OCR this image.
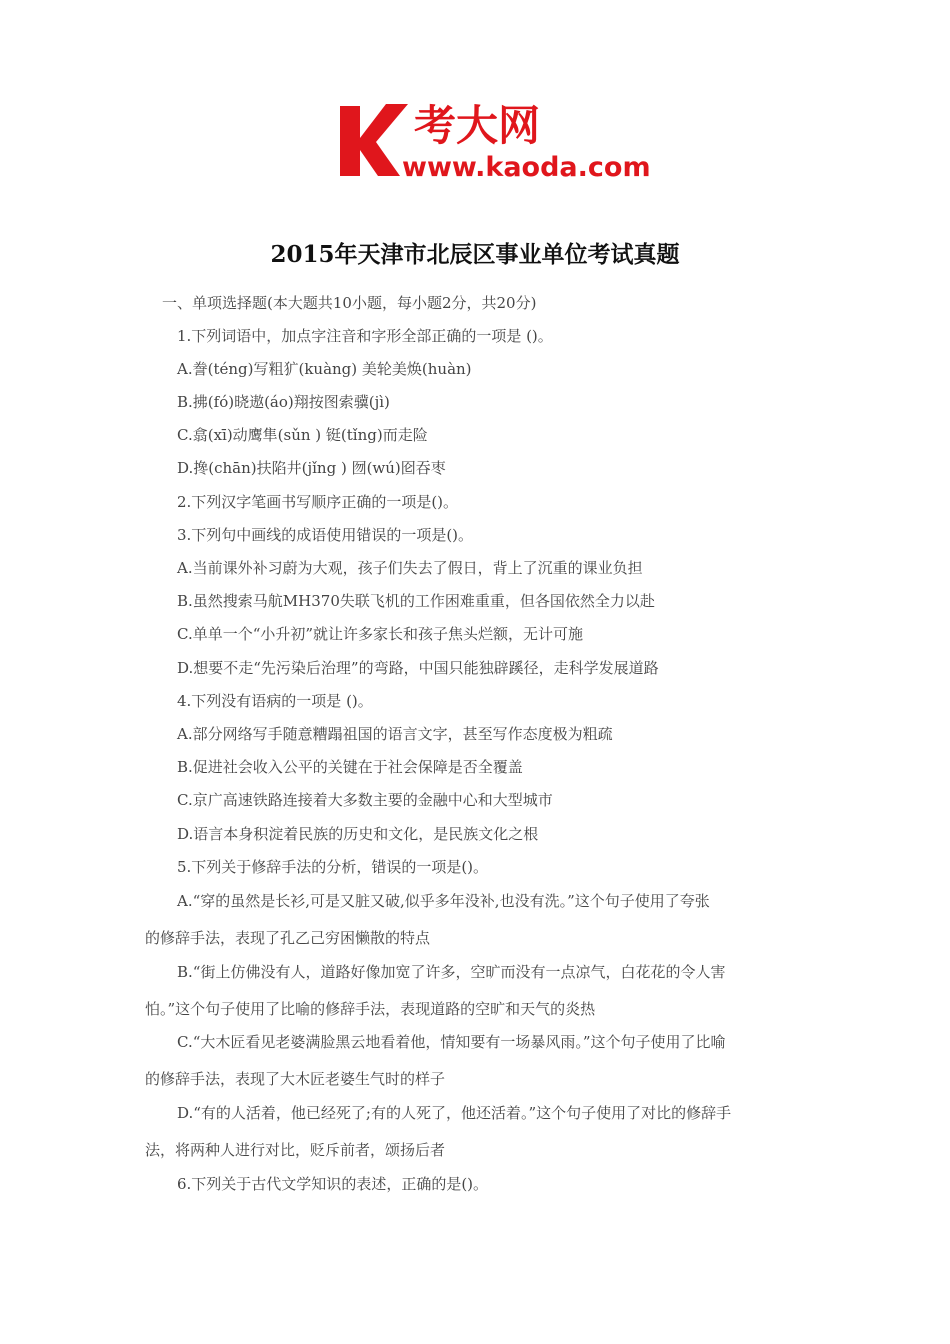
考大网
www.kaoda.com
2015年天津市北辰区事业单位考试真题

一、单项选择题(本大题共10小题，每小题2分，共20分)

1.下列词语中，加点字注音和字形全部正确的一项是 ()。

A.誊(téng)写粗犷(kuàng) 美轮美焕(huàn)

B.拂(fó)晓遨(áo)翔按图索骥(jì)

C.翕(xī)动鹰隼(sǔn ) 铤(tǐng)而走险

D.搀(chān)扶陷井(jǐng ) 囫(wú)囵吞枣

2.下列汉字笔画书写顺序正确的一项是()。

3.下列句中画线的成语使用错误的一项是()。

A.当前课外补习蔚为大观，孩子们失去了假日，背上了沉重的课业负担

B.虽然搜索马航MH370失联飞机的工作困难重重，但各国依然全力以赴

C.单单一个“小升初”就让许多家长和孩子焦头烂额，无计可施

D.想要不走“先污染后治理”的弯路，中国只能独辟蹊径，走科学发展道路

4.下列没有语病的一项是 ()。

A.部分网络写手随意糟蹋祖国的语言文字，甚至写作态度极为粗疏

B.促进社会收入公平的关键在于社会保障是否全覆盖

C.京广高速铁路连接着大多数主要的金融中心和大型城市

D.语言本身积淀着民族的历史和文化，是民族文化之根

5.下列关于修辞手法的分析，错误的一项是()。

A.“穿的虽然是长衫,可是又脏又破,似乎多年没补,也没有洗。”这个句子使用了夸张

的修辞手法，表现了孔乙己穷困懒散的特点

B.“街上仿佛没有人，道路好像加宽了许多，空旷而没有一点凉气，白花花的令人害

怕。”这个句子使用了比喻的修辞手法，表现道路的空旷和天气的炎热

C.“大木匠看见老婆满脸黑云地看着他，情知要有一场暴风雨。”这个句子使用了比喻

的修辞手法，表现了大木匠老婆生气时的样子

D.“有的人活着，他已经死了;有的人死了，他还活着。”这个句子使用了对比的修辞手

法，将两种人进行对比，贬斥前者，颂扬后者

6.下列关于古代文学知识的表述，正确的是()。
